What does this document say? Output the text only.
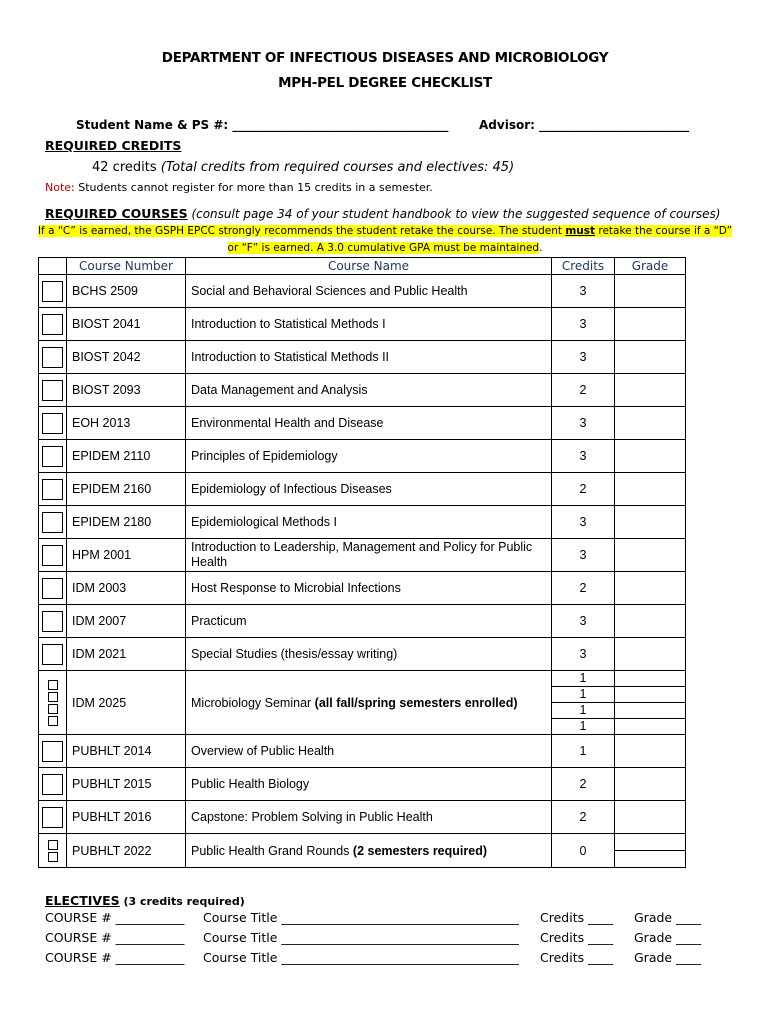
DEPARTMENT OF INFECTIOUS DISEASES AND MICROBIOLOGY
MPH-PEL DEGREE CHECKLIST
Student Name & PS #: ____________________________________	Advisor: _________________________
REQUIRED CREDITS
42 credits (Total credits from required courses and electives: 45)
Note: Students cannot register for more than 15 credits in a semester.
REQUIRED COURSES (consult page 34 of your student handbook to view the suggested sequence of courses)
If a “C” is earned, the GSPH EPCC strongly recommends the student retake the course. The student must retake the course if a “D”
or “F” is earned. A 3.0 cumulative GPA must be maintained.
	Course Number	Course Name	Credits	Grade
	BCHS 2509	Social and Behavioral Sciences and Public Health	3	
	BIOST 2041	Introduction to Statistical Methods I	3	
	BIOST 2042	Introduction to Statistical Methods II	3	
	BIOST 2093	Data Management and Analysis	2	
	EOH 2013	Environmental Health and Disease	3	
	EPIDEM 2110	Principles of Epidemiology	3	
	EPIDEM 2160	Epidemiology of Infectious Diseases	2	
	EPIDEM 2180	Epidemiological Methods I	3	
	HPM 2001	Introduction to Leadership, Management and Policy for Public Health	3	
	IDM 2003	Host Response to Microbial Infections	2	
	IDM 2007	Practicum	3	
	IDM 2021	Special Studies (thesis/essay writing)	3	

	IDM 2025	Microbiology Seminar (all fall/spring semesters enrolled)	1
1
1
1	

	PUBHLT 2014	Overview of Public Health	1	
	PUBHLT 2015	Public Health Biology	2	
	PUBHLT 2016	Capstone: Problem Solving in Public Health	2	

	PUBHLT 2022	Public Health Grand Rounds (2 semesters required)	0	
ELECTIVES (3 credits required)
COURSE # ___________ Course Title ______________________________________ Credits ____ Grade ____
COURSE # ___________ Course Title ______________________________________ Credits ____ Grade ____
COURSE # ___________ Course Title ______________________________________ Credits ____ Grade ____
